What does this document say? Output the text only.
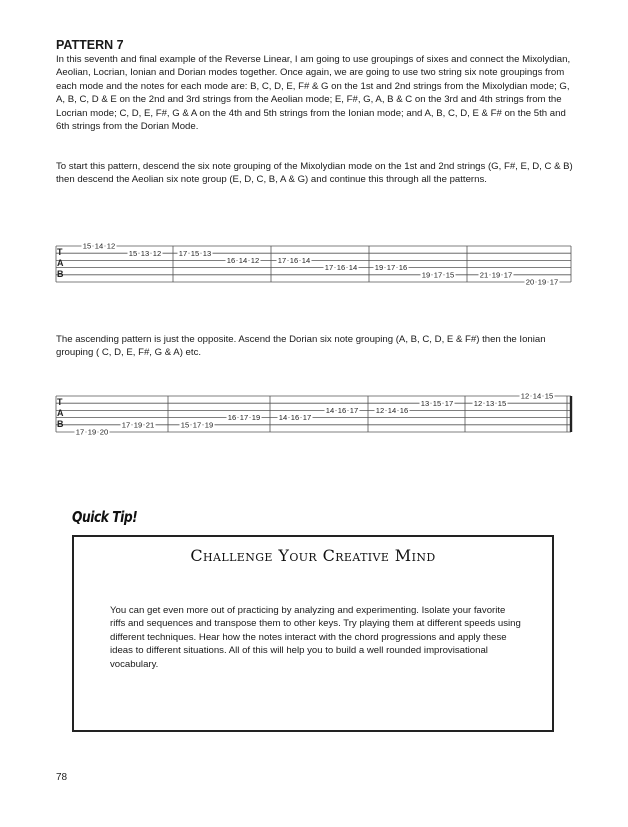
PATTERN 7

In this seventh and final example of the Reverse Linear, I am going to use groupings of sixes and connect the Mixolydian, Aeolian, Locrian, Ionian and Dorian modes together. Once again, we are going to use two string six note groupings from each mode and the notes for each mode are: B, C, D, E, F# & G on the 1st and 2nd strings from the Mixolydian mode; G, A, B, C, D & E on the 2nd and 3rd strings from the Aeolian mode; E, F#, G, A, B & C on the 3rd and 4th strings from the Locrian mode; C, D, E, F#, G & A on the 4th and 5th strings from the Ionian mode; and A, B, C, D, E & F# on the 5th and 6th strings from the Dorian Mode.

To start this pattern, descend the six note grouping of the Mixolydian mode on the 1st and 2nd strings (G, F#, E, D, C & B) then descend the Aeolian six note group (E, D, C, B, A & G) and continue this through all the patterns.

T
A
B
15 14 12
15 13 12 17 15 13
16 14 12 17 16 14
17 16 14 19 17 16
19 17 15	21 19 17
20 19 17

The ascending pattern is just the opposite. Ascend the Dorian six note grouping (A, B, C, D, E & F#) then the Ionian grouping ( C, D, E, F#, G & A) etc.

T
A
B
17 19 20
17 19 21	15 17 19
16 17 19 14 16 17
14 16 17 12 14 16
13 15 17	12 13 15
12 14 15
Quick Tip!
Challenge Your Creative Mind

You can get even more out of practicing by analyzing and experimenting. Isolate your favorite riffs and sequences and transpose them to other keys. Try playing them at different speeds using different techniques. Hear how the notes interact with the chord progressions and apply these ideas to different situations. All of this will help you to build a well rounded improvisational vocabulary.

78
